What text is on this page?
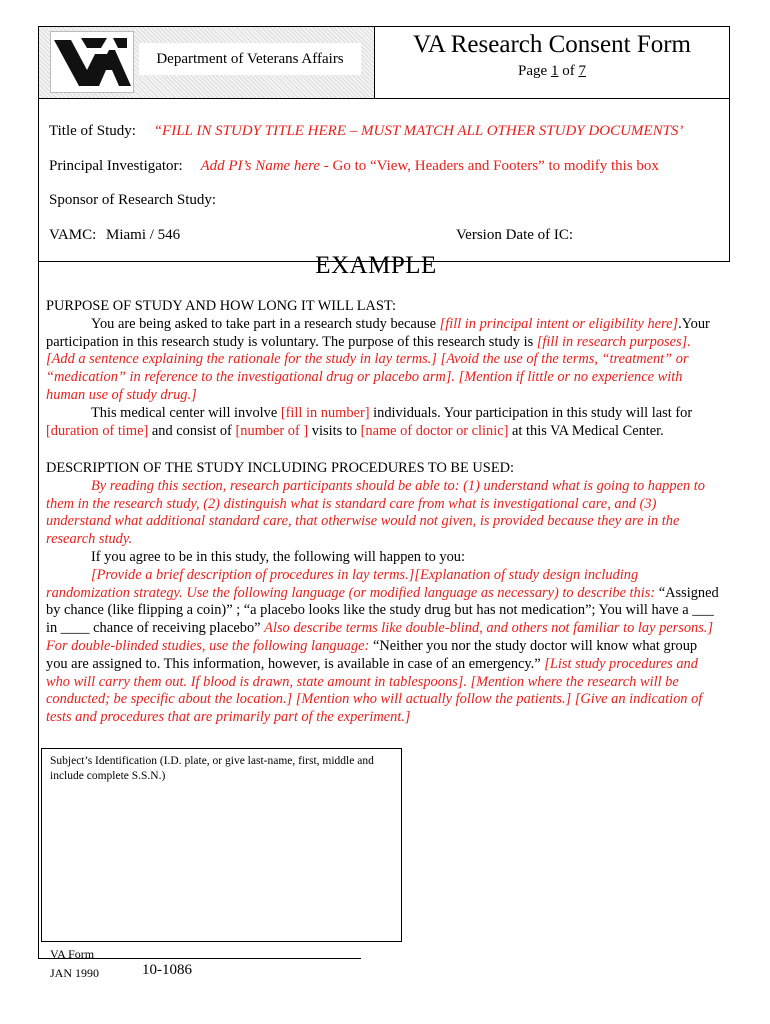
Department of Veterans Affairs
VA Research Consent Form
Page 1 of 7
Title of Study: “FILL IN STUDY TITLE HERE – MUST MATCH ALL OTHER STUDY DOCUMENTS’
Principal Investigator: Add PI’s Name here - Go to “View, Headers and Footers” to modify this box
Sponsor of Research Study:
VAMC: Miami / 546	Version Date of IC:
EXAMPLE

PURPOSE OF STUDY AND HOW LONG IT WILL LAST:

You are being asked to take part in a research study because [fill in principal intent or eligibility here].Your participation in this research study is voluntary. The purpose of this research study is [fill in research purposes]. [Add a sentence explaining the rationale for the study in lay terms.] [Avoid the use of the terms, “treatment” or “medication” in reference to the investigational drug or placebo arm]. [Mention if little or no experience with human use of study drug.]

This medical center will involve [fill in number] individuals. Your participation in this study will last for [duration of time] and consist of [number of ] visits to [name of doctor or clinic] at this VA Medical Center.

DESCRIPTION OF THE STUDY INCLUDING PROCEDURES TO BE USED:

By reading this section, research participants should be able to: (1) understand what is going to happen to them in the research study, (2) distinguish what is standard care from what is investigational care, and (3) understand what additional standard care, that otherwise would not given, is provided because they are in the research study.

If you agree to be in this study, the following will happen to you:

[Provide a brief description of procedures in lay terms.][Explanation of study design including randomization strategy. Use the following language (or modified language as necessary) to describe this: “Assigned by chance (like flipping a coin)” ; “a placebo looks like the study drug but has not medication”; You will have a ___ in ____ chance of receiving placebo” Also describe terms like double-blind, and others not familiar to lay persons.] For double-blinded studies, use the following language: “Neither you nor the study doctor will know what group you are assigned to. This information, however, is available in case of an emergency.” [List study procedures and who will carry them out. If blood is drawn, state amount in tablespoons]. [Mention where the research will be conducted; be specific about the location.] [Mention who will actually follow the patients.] [Give an indication of tests and procedures that are primarily part of the experiment.]

Subject’s Identification (I.D. plate, or give last-name, first, middle and include complete S.S.N.)
VA Form
JAN 1990	10-1086
